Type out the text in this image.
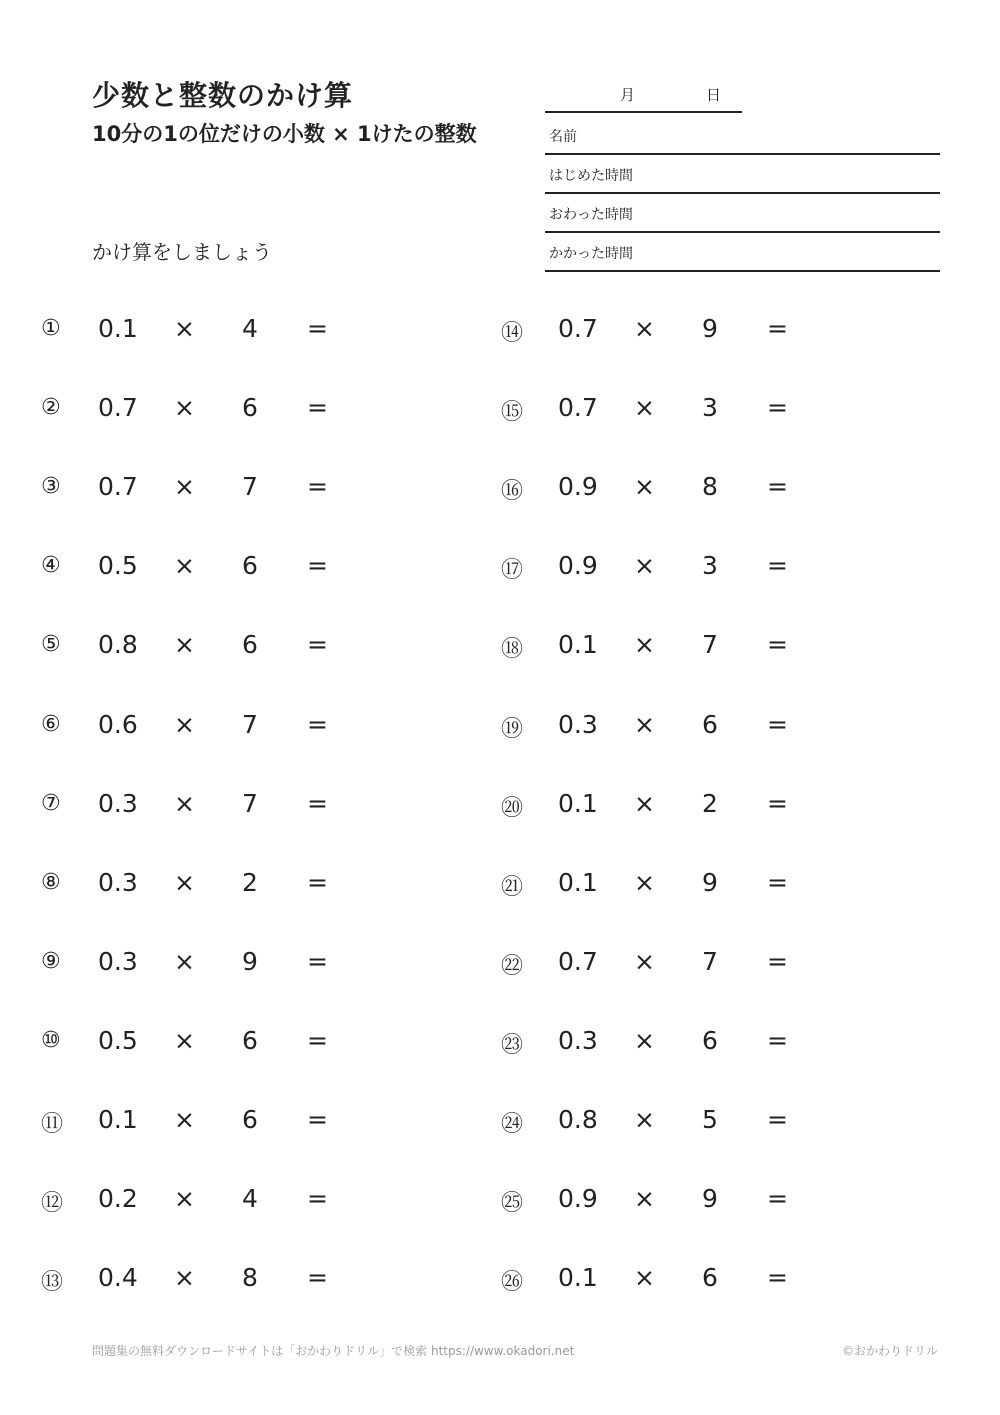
少数と整数のかけ算
10分の1の位だけの小数 × 1けたの整数
かけ算をしましょう
月	日
名前
はじめた時間
おわった時間
かかった時間
① 0.1 × 4 =
② 0.7 × 6 =
③ 0.7 × 7 =
④ 0.5 × 6 =
⑤ 0.8 × 6 =
⑥ 0.6 × 7 =
⑦ 0.3 × 7 =
⑧ 0.3 × 2 =
⑨ 0.3 × 9 =
⑩ 0.5 × 6 =
⑪ 0.1 × 6 =
⑫ 0.2 × 4 =
⑬ 0.4 × 8 =
⑭ 0.7 × 9 =
⑮ 0.7 × 3 =
⑯ 0.9 × 8 =
⑰ 0.9 × 3 =
⑱ 0.1 × 7 =
⑲ 0.3 × 6 =
⑳ 0.1 × 2 =
㉑ 0.1 × 9 =
㉒ 0.7 × 7 =
㉓ 0.3 × 6 =
㉔ 0.8 × 5 =
㉕ 0.9 × 9 =
㉖ 0.1 × 6 =
問題集の無料ダウンロードサイトは「おかわりドリル」で検索 https://www.okadori.net	©おかわりドリル
